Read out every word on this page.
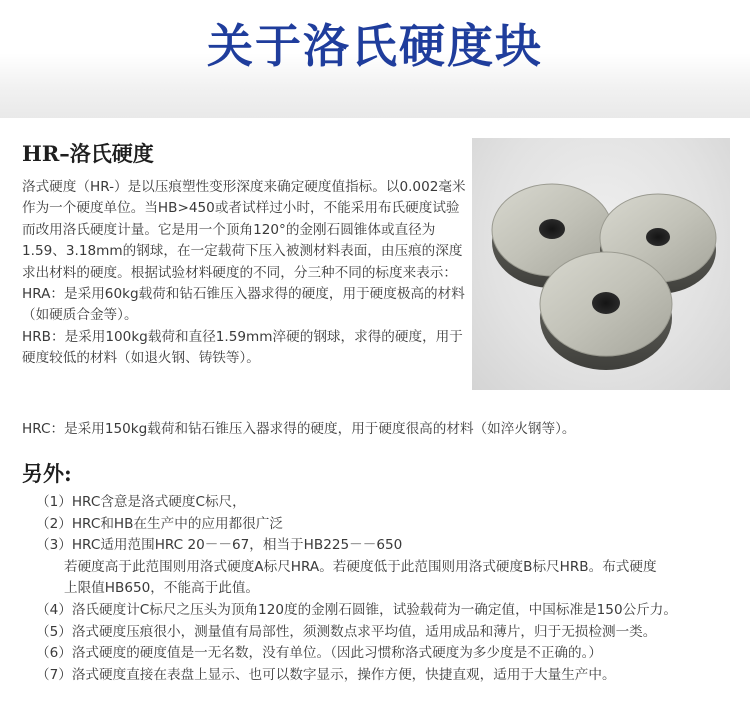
关于洛氏硬度块
HR–洛氏硬度

洛式硬度（HR-）是以压痕塑性变形深度来确定硬度值指标。以0.002毫米作为一个硬度单位。当HB>450或者试样过小时，不能采用布氏硬度试验而改用洛氏硬度计量。它是用一个顶角120°的金刚石圆锥体或直径为1.59、3.18mm的钢球，在一定载荷下压入被测材料表面，由压痕的深度求出材料的硬度。根据试验材料硬度的不同，分三种不同的标度来表示：

HRA：是采用60kg载荷和钻石锥压入器求得的硬度，用于硬度极高的材料（如硬质合金等）。

HRB：是采用100kg载荷和直径1.59mm淬硬的钢球，求得的硬度，用于硬度较低的材料（如退火钢、铸铁等）。

HRC：是采用150kg载荷和钻石锥压入器求得的硬度，用于硬度很高的材料（如淬火钢等）。
另外:

（1）HRC含意是洛式硬度C标尺，

（2）HRC和HB在生产中的应用都很广泛

（3）HRC适用范围HRC 20－－67，相当于HB225－－650

若硬度高于此范围则用洛式硬度A标尺HRA。若硬度低于此范围则用洛式硬度B标尺HRB。布式硬度

上限值HB650，不能高于此值。

（4）洛氏硬度计C标尺之压头为顶角120度的金刚石圆锥，试验载荷为一确定值，中国标准是150公斤力。

（5）洛式硬度压痕很小，测量值有局部性，须测数点求平均值，适用成品和薄片，归于无损检测一类。

（6）洛式硬度的硬度值是一无名数，没有单位。（因此习惯称洛式硬度为多少度是不正确的。）

（7）洛式硬度直接在表盘上显示、也可以数字显示，操作方便，快捷直观，适用于大量生产中。
